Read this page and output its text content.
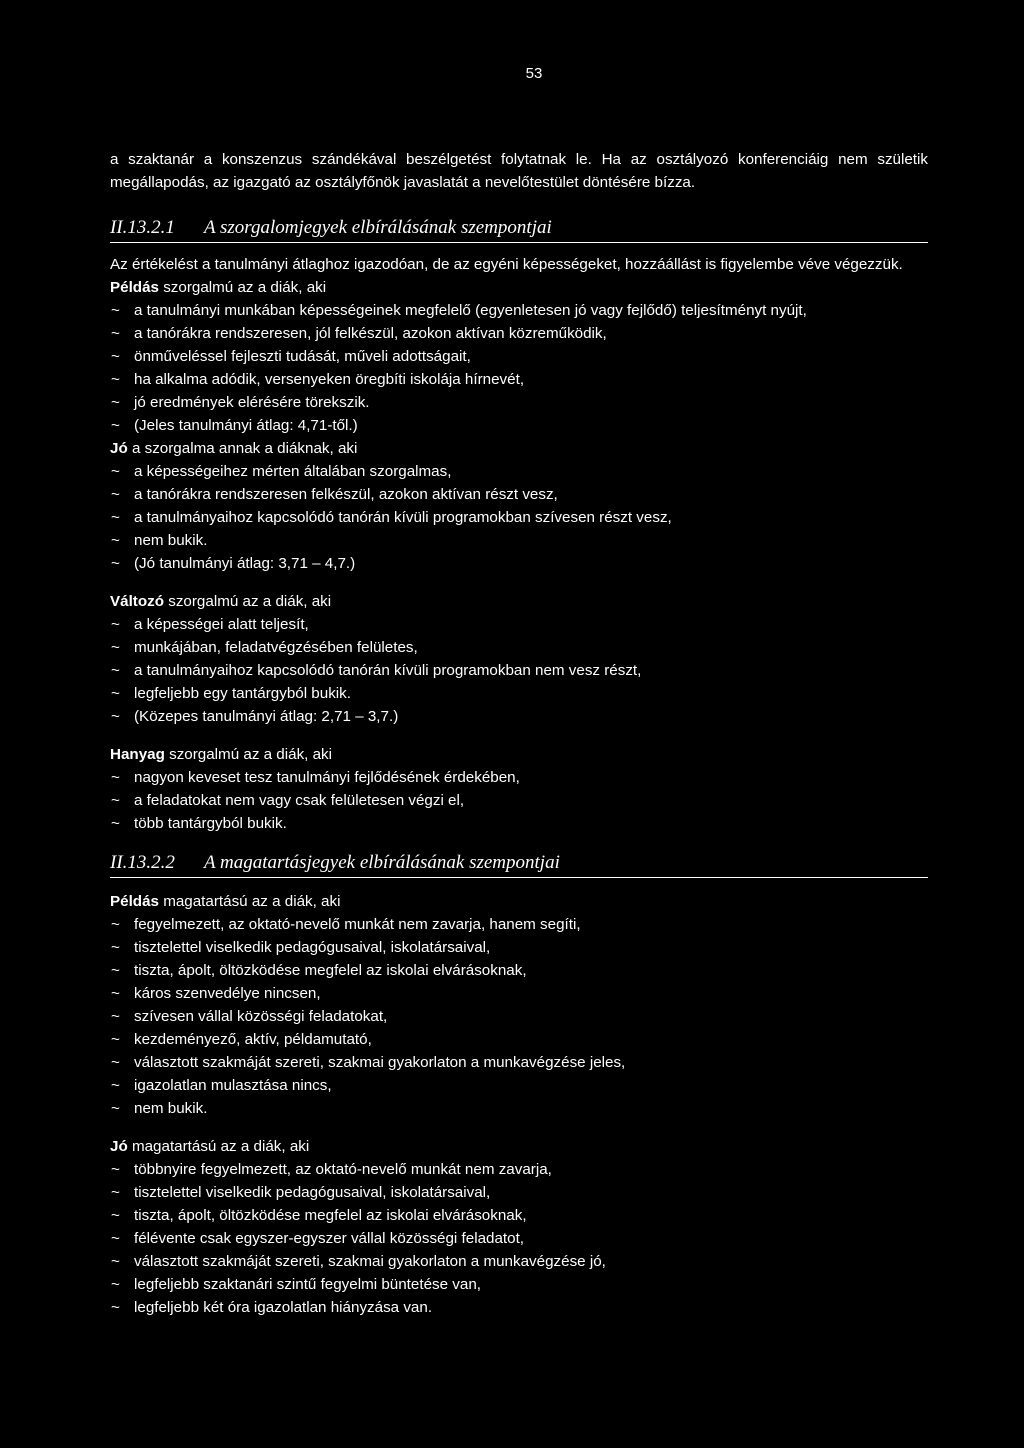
53

a szaktanár a konszenzus szándékával beszélgetést folytatnak le. Ha az osztályozó konferenciáig nem születik megállapodás, az igazgató az osztályfőnök javaslatát a nevelőtestület döntésére bízza.

II.13.2.1	A szorgalomjegyek elbírálásának szempontjai

Az értékelést a tanulmányi átlaghoz igazodóan, de az egyéni képességeket, hozzáállást is figyelembe véve végezzük.

Példás szorgalmú az a diák, aki

~ a tanulmányi munkában képességeinek megfelelő (egyenletesen jó vagy fejlődő) teljesítményt nyújt,
~ a tanórákra rendszeresen, jól felkészül, azokon aktívan közreműködik,
~ önműveléssel fejleszti tudását, műveli adottságait,
~ ha alkalma adódik, versenyeken öregbíti iskolája hírnevét,
~ jó eredmények elérésére törekszik.
~ (Jeles tanulmányi átlag: 4,71-től.)

Jó a szorgalma annak a diáknak, aki

~ a képességeihez mérten általában szorgalmas,
~ a tanórákra rendszeresen felkészül, azokon aktívan részt vesz,
~ a tanulmányaihoz kapcsolódó tanórán kívüli programokban szívesen részt vesz,
~ nem bukik.
~ (Jó tanulmányi átlag: 3,71 – 4,7.)

Változó szorgalmú az a diák, aki

~ a képességei alatt teljesít,
~ munkájában, feladatvégzésében felületes,
~ a tanulmányaihoz kapcsolódó tanórán kívüli programokban nem vesz részt,
~ legfeljebb egy tantárgyból bukik.
~ (Közepes tanulmányi átlag: 2,71 – 3,7.)

Hanyag szorgalmú az a diák, aki

~ nagyon keveset tesz tanulmányi fejlődésének érdekében,
~ a feladatokat nem vagy csak felületesen végzi el,
~ több tantárgyból bukik.
II.13.2.2	A magatartásjegyek elbírálásának szempontjai

Példás magatartású az a diák, aki

~ fegyelmezett, az oktató-nevelő munkát nem zavarja, hanem segíti,
~ tisztelettel viselkedik pedagógusaival, iskolatársaival,
~ tiszta, ápolt, öltözködése megfelel az iskolai elvárásoknak,
~ káros szenvedélye nincsen,
~ szívesen vállal közösségi feladatokat,
~ kezdeményező, aktív, példamutató,
~ választott szakmáját szereti, szakmai gyakorlaton a munkavégzése jeles,
~ igazolatlan mulasztása nincs,
~ nem bukik.

Jó magatartású az a diák, aki

~ többnyire fegyelmezett, az oktató-nevelő munkát nem zavarja,
~ tisztelettel viselkedik pedagógusaival, iskolatársaival,
~ tiszta, ápolt, öltözködése megfelel az iskolai elvárásoknak,
~ félévente csak egyszer-egyszer vállal közösségi feladatot,
~ választott szakmáját szereti, szakmai gyakorlaton a munkavégzése jó,
~ legfeljebb szaktanári szintű fegyelmi büntetése van,
~ legfeljebb két óra igazolatlan hiányzása van.
